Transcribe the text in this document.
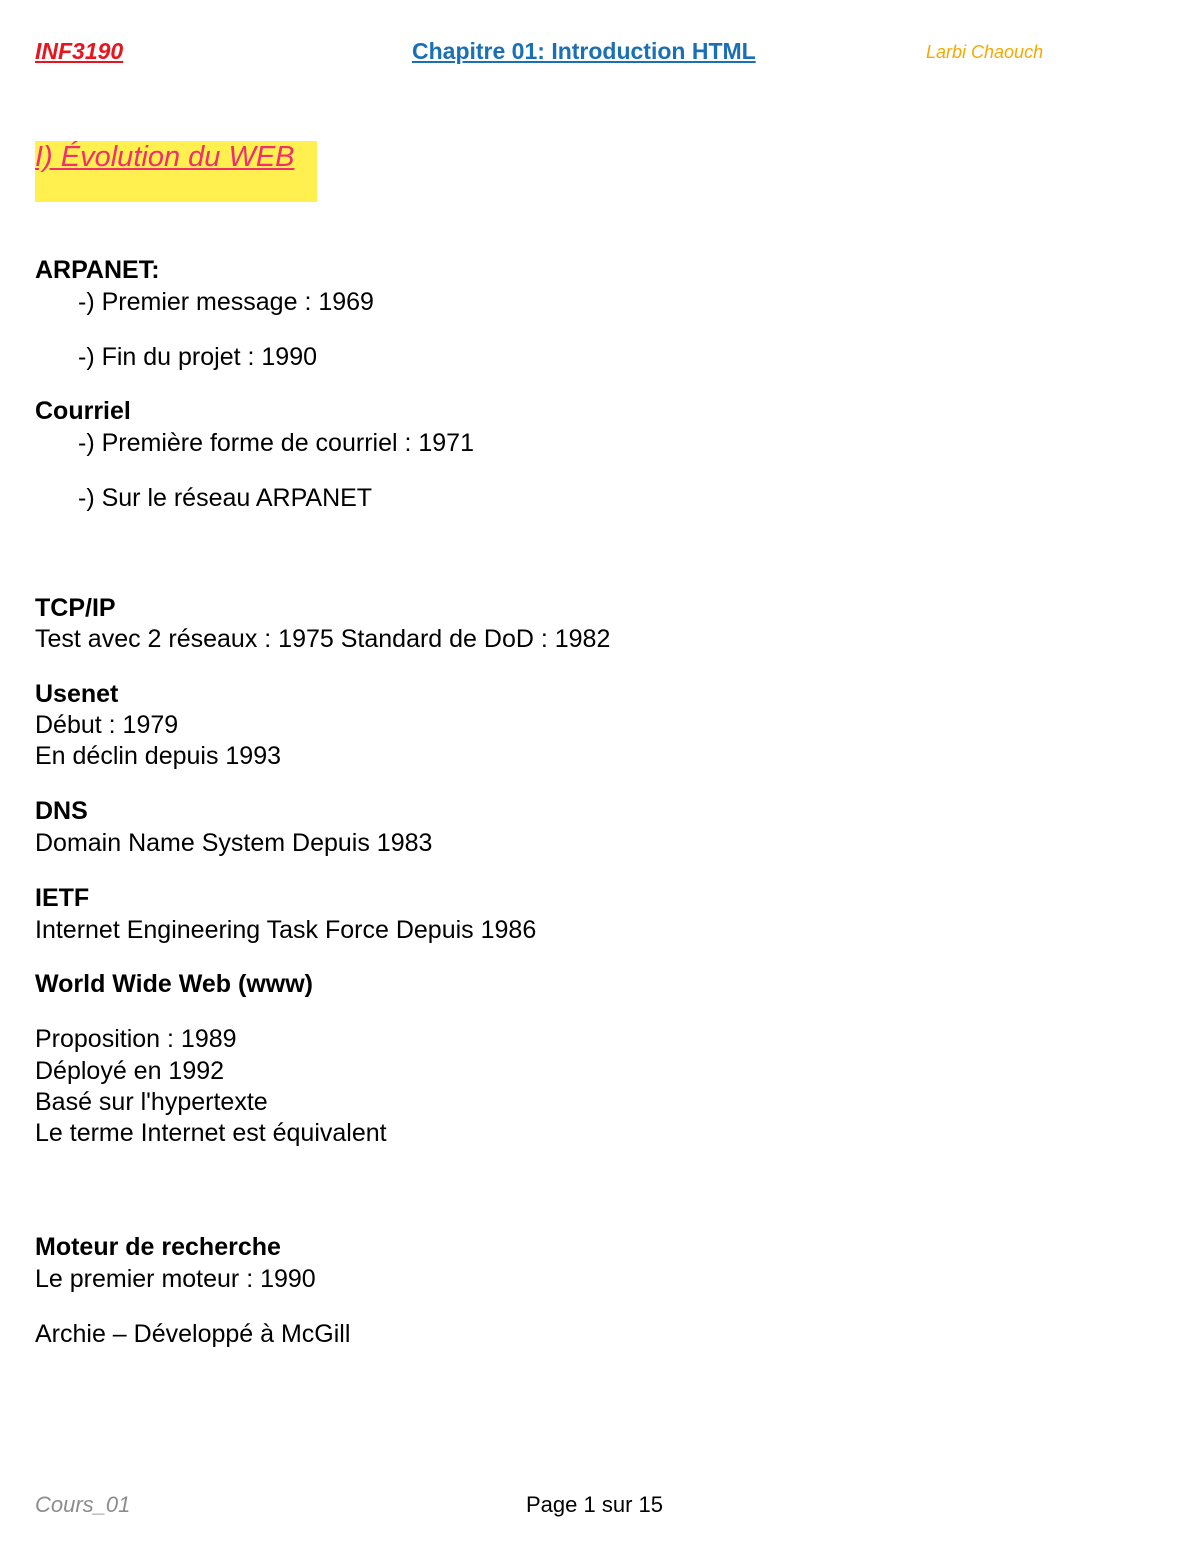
INF3190	Chapitre 01: Introduction HTML	Larbi Chaouch
I) Évolution du WEB
ARPANET:
-) Premier message : 1969
-) Fin du projet : 1990
Courriel
-) Première forme de courriel : 1971
-) Sur le réseau ARPANET
TCP/IP
Test avec 2 réseaux : 1975 Standard de DoD : 1982
Usenet
Début : 1979
En déclin depuis 1993
DNS
Domain Name System Depuis 1983
IETF
Internet Engineering Task Force Depuis 1986
World Wide Web (www)
Proposition : 1989
Déployé en 1992
Basé sur l'hypertexte
Le terme Internet est équivalent
Moteur de recherche
Le premier moteur : 1990
Archie – Développé à McGill
Cours_01	Page 1 sur 15
